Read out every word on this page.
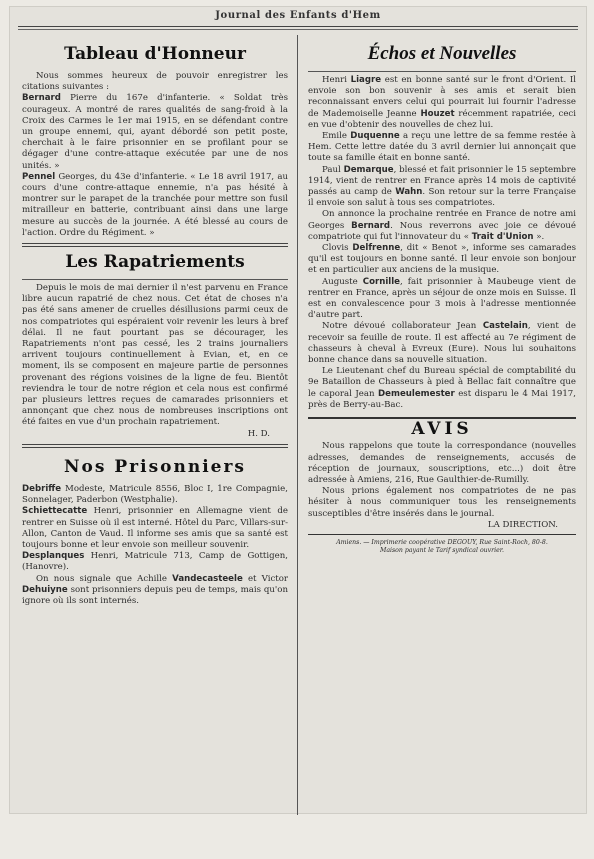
Journal des Enfants d'Hem
Tableau d'Honneur

Nous sommes heureux de pouvoir enregistrer les citations suivantes :

Bernard Pierre du 167e d'infanterie. « Soldat très courageux. A montré de rares qualités de sang-froid à la Croix des Carmes le 1er mai 1915, en se défendant contre un groupe ennemi, qui, ayant débordé son petit poste, cherchait à le faire prisonnier en se profilant pour se dégager d'une contre-attaque exécutée par une de nos unités. »

Pennel Georges, du 43e d'infanterie. « Le 18 avril 1917, au cours d'une contre-attaque ennemie, n'a pas hésité à montrer sur le parapet de la tranchée pour mettre son fusil mitrailleur en batterie, contribuant ainsi dans une large mesure au succès de la journée. A été blessé au cours de l'action. Ordre du Régiment. »

Les Rapatriements

Depuis le mois de mai dernier il n'est parvenu en France libre aucun rapatrié de chez nous. Cet état de choses n'a pas été sans amener de cruelles désillusions parmi ceux de nos compatriotes qui espéraient voir revenir les leurs à bref délai. Il ne faut pourtant pas se décourager, les Rapatriements n'ont pas cessé, les 2 trains journaliers arrivent toujours continuellement à Evian, et, en ce moment, ils se composent en majeure partie de personnes provenant des régions voisines de la ligne de feu. Bientôt reviendra le tour de notre région et cela nous est confirmé par plusieurs lettres reçues de camarades prisonniers et annonçant que chez nous de nombreuses inscriptions ont été faites en vue d'un prochain rapatriement.

H. D.

Nos Prisonniers

Debriffe Modeste, Matricule 8556, Bloc I, 1re Compagnie, Sonnelager, Paderbon (Westphalie).

Schiettecatte Henri, prisonnier en Allemagne vient de rentrer en Suisse où il est interné. Hôtel du Parc, Villars-sur-Allon, Canton de Vaud. Il informe ses amis que sa santé est toujours bonne et leur envoie son meilleur souvenir.

Desplanques Henri, Matricule 713, Camp de Gottigen, (Hanovre).

On nous signale que Achille Vandecasteele et Victor Dehuiyne sont prisonniers depuis peu de temps, mais qu'on ignore où ils sont internés.

Échos et Nouvelles

Henri Liagre est en bonne santé sur le front d'Orient. Il envoie son bon souvenir à ses amis et serait bien reconnaissant envers celui qui pourrait lui fournir l'adresse de Mademoiselle Jeanne Houzet récemment rapatriée, ceci en vue d'obtenir des nouvelles de chez lui.

Emile Duquenne a reçu une lettre de sa femme restée à Hem. Cette lettre datée du 3 avril dernier lui annonçait que toute sa famille était en bonne santé.

Paul Demarque, blessé et fait prisonnier le 15 septembre 1914, vient de rentrer en France après 14 mois de captivité passés au camp de Wahn. Son retour sur la terre Française il envoie son salut à tous ses compatriotes.

On annonce la prochaine rentrée en France de notre ami Georges Bernard. Nous reverrons avec joie ce dévoué compatriote qui fut l'innovateur du « Trait d'Union ».

Clovis Delfrenne, dit « Benot », informe ses camarades qu'il est toujours en bonne santé. Il leur envoie son bonjour et en particulier aux anciens de la musique.

Auguste Cornille, fait prisonnier à Maubeuge vient de rentrer en France, après un séjour de onze mois en Suisse. Il est en convalescence pour 3 mois à l'adresse mentionnée d'autre part.

Notre dévoué collaborateur Jean Castelain, vient de recevoir sa feuille de route. Il est affecté au 7e régiment de chasseurs à cheval à Evreux (Eure). Nous lui souhaitons bonne chance dans sa nouvelle situation.

Le Lieutenant chef du Bureau spécial de comptabilité du 9e Bataillon de Chasseurs à pied à Bellac fait connaître que le caporal Jean Demeulemester est disparu le 4 Mai 1917, près de Berry-au-Bac.

AVIS

Nous rappelons que toute la correspondance (nouvelles adresses, demandes de renseignements, accusés de réception de journaux, souscriptions, etc...) doit être adressée à Amiens, 216, Rue Gaulthier-de-Rumilly.

Nous prions également nos compatriotes de ne pas hésiter à nous communiquer tous les renseignements susceptibles d'être insérés dans le journal.

LA DIRECTION.

Amiens. — Imprimerie coopérative DEGOUY, Rue Saint-Roch, 80-8.
Maison payant le Tarif syndical ouvrier.
